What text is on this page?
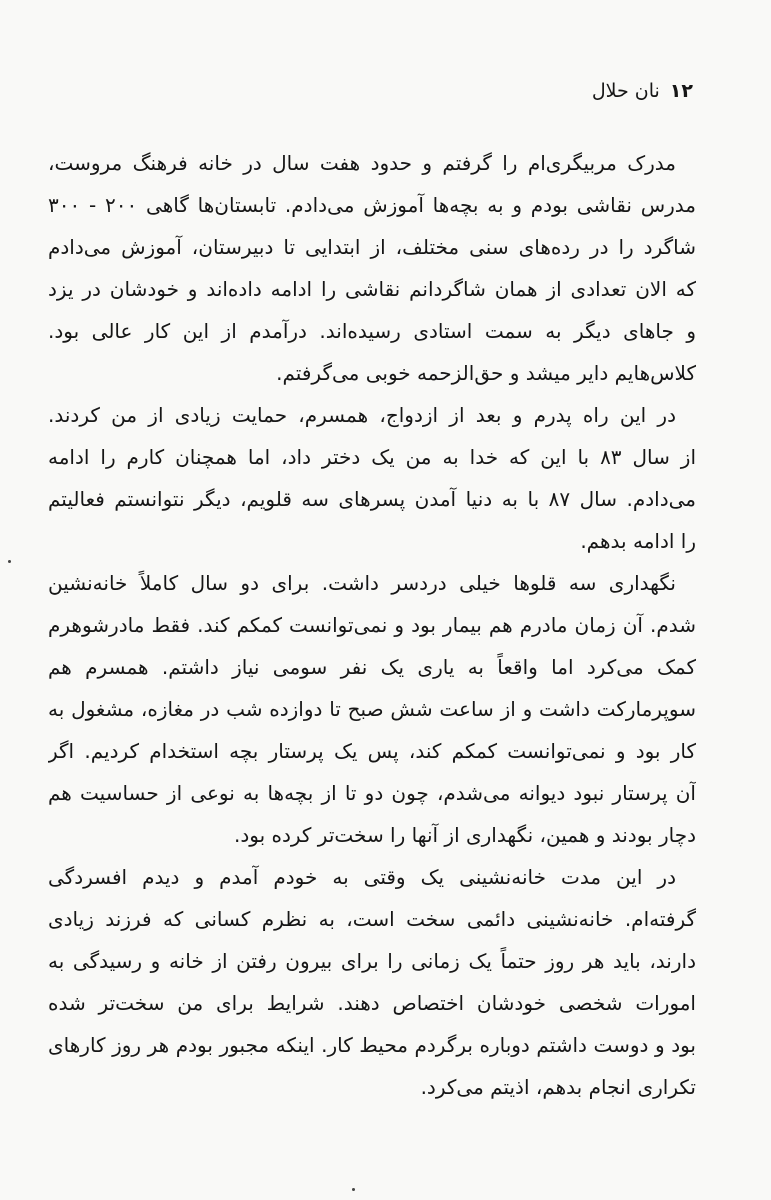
۱۲
نان حلال
مدرک مربیگری‌ام را گرفتم و حدود هفت سال در خانه فرهنگ مروست،
مدرس نقاشی بودم و به بچه‌ها آموزش می‌دادم. تابستان‌ها گاهی ۲۰۰ - ۳۰۰
شاگرد را در رده‌های سنی مختلف، از ابتدایی تا دبیرستان، آموزش می‌دادم
که الان تعدادی از همان شاگردانم نقاشی را ادامه داده‌اند و خودشان در یزد
و جاهای دیگر به سمت استادی رسیده‌اند. درآمدم از این کار عالی بود.
کلاس‌هایم دایر میشد و حق‌الزحمه خوبی می‌گرفتم.
در این راه پدرم و بعد از ازدواج، همسرم، حمایت زیادی از من کردند.
از سال ۸۳ با این که خدا به من یک دختر داد، اما همچنان کارم را ادامه
می‌دادم. سال ۸۷ با به دنیا آمدن پسرهای سه قلویم، دیگر نتوانستم فعالیتم
را ادامه بدهم.
نگهداری سه قلوها خیلی دردسر داشت. برای دو سال کاملاً خانه‌نشین
شدم. آن زمان مادرم هم بیمار بود و نمی‌توانست کمکم کند. فقط مادرشوهرم
کمک می‌کرد اما واقعاً به یاری یک نفر سومی نیاز داشتم. همسرم هم
سوپرمارکت داشت و از ساعت شش صبح تا دوازده شب در مغازه، مشغول به
کار بود و نمی‌توانست کمکم کند، پس یک پرستار بچه استخدام کردیم. اگر
آن پرستار نبود دیوانه می‌شدم، چون دو تا از بچه‌ها به نوعی از حساسیت هم
دچار بودند و همین، نگهداری از آنها را سخت‌تر کرده بود.
در این مدت خانه‌نشینی یک وقتی به خودم آمدم و دیدم افسردگی
گرفته‌ام. خانه‌نشینی دائمی سخت است، به نظرم کسانی که فرزند زیادی
دارند، باید هر روز حتماً یک زمانی را برای بیرون رفتن از خانه و رسیدگی به
امورات شخصی خودشان اختصاص دهند. شرایط برای من سخت‌تر شده
بود و دوست داشتم دوباره برگردم محیط کار. اینکه مجبور بودم هر روز کارهای
تکراری انجام بدهم، اذیتم می‌کرد.
